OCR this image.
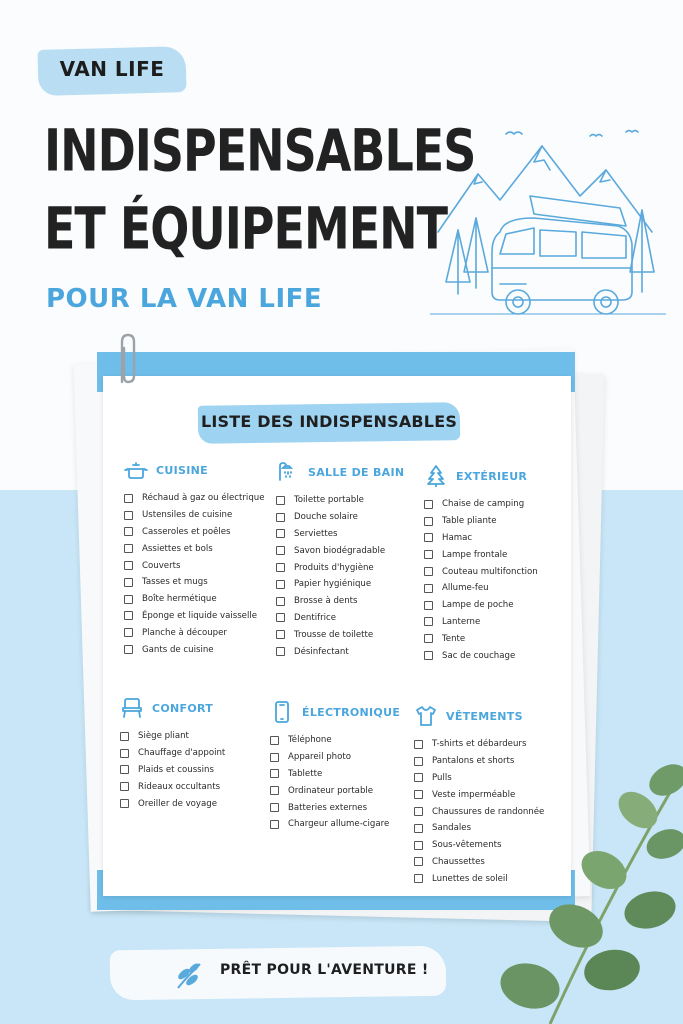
VAN LIFE
INDISPENSABLES
ET ÉQUIPEMENT
POUR LA VAN LIFE
LISTE DES INDISPENSABLES
CUISINE
Réchaud à gaz ou électrique
Ustensiles de cuisine
Casseroles et poêles
Assiettes et bols
Couverts
Tasses et mugs
Boîte hermétique
Éponge et liquide vaisselle
Planche à découper
Gants de cuisine
SALLE DE BAIN
Toilette portable
Douche solaire
Serviettes
Savon biodégradable
Produits d'hygiène
Papier hygiénique
Brosse à dents
Dentifrice
Trousse de toilette
Désinfectant
EXTÉRIEUR
Chaise de camping
Table pliante
Hamac
Lampe frontale
Couteau multifonction
Allume-feu
Lampe de poche
Lanterne
Tente
Sac de couchage
CONFORT
Siège pliant
Chauffage d'appoint
Plaids et coussins
Rideaux occultants
Oreiller de voyage
ÉLECTRONIQUE
Téléphone
Appareil photo
Tablette
Ordinateur portable
Batteries externes
Chargeur allume-cigare
VÊTEMENTS
T-shirts et débardeurs
Pantalons et shorts
Pulls
Veste imperméable
Chaussures de randonnée
Sandales
Sous-vêtements
Chaussettes
Lunettes de soleil
PRÊT POUR L'AVENTURE !
